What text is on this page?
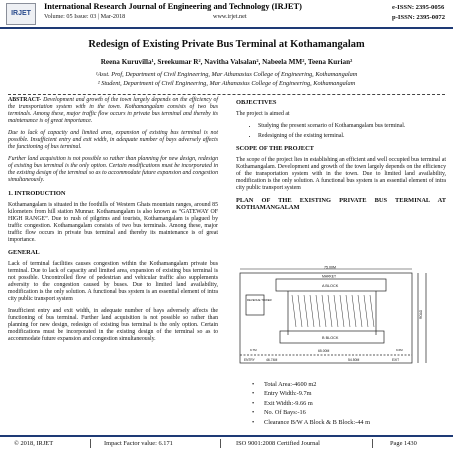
IRJET
International Research Journal of Engineering and Technology (IRJET)
Volume: 05 Issue: 03 | Mar-2018	www.irjet.net
e-ISSN: 2395-0056
p-ISSN: 2395-0072
Redesign of Existing Private Bus Terminal at Kothamangalam
Reena Kuruvilla¹, Sreekumar R², Navitha Valsalan², Nabeela MM², Teena Kurian²
¹Asst. Prof, Department of Civil Engineering, Mar Athanasius College of Engineering, Kothamangalam
² Student, Department of Civil Engineering, Mar Athanasius College of Engineering, Kothamangalam

ABSTRACT- Development and growth of the town largely depends on the efficiency of the transportation system with in the town. Kothamangalam consists of two bus terminals. Among these, major traffic flow occurs in private bus terminal and thereby its maintenance is of great importance.

Due to lack of capacity and limited area, expansion of existing bus terminal is not possible. Insufficient entry and exit width, in adequate number of bays adversely affects the functioning of bus terminal.

Further land acquisition is not possible so rather than planning for new design, redesign of existing bus terminal is the only option. Certain modifications must be incorporated in the existing design of the terminal so as to accommodate future expansion and congestion simultaneously.

1. INTRODUCTION

Kothamangalam is situated in the foothills of Western Ghats mountain ranges, around 85 kilometers from hill station Munnar. Kothamangalam is also known as “GATEWAY OF HIGH RANGE”. Due to rush of pilgrims and tourists, Kothamangalam is plagued by traffic congestion. Kothamangalam consists of two bus terminals. Among these, major traffic flow occurs in private bus terminal and thereby its maintenance is of great importance.

GENERAL

Lack of terminal facilities causes congestion within the Kothamangalam private bus terminal. Due to lack of capacity and limited area, expansion of existing bus terminal is not possible. Uncontrolled flow of pedestrian and vehicular traffic also supplements adversity to the congestion caused by buses. Due to limited land availability, modification is the only solution. A functional bus system is an essential element of intra city public transport system

Insufficient entry and exit width, in adequate number of bays adversely affects the functioning of bus terminal. Further land acquisition is not possible so rather than planning for new design, redesign of existing bus terminal is the only option. Certain modifications must be incorporated in the existing design of the terminal so as to accommodate future expansion and congestion simultaneously.

OBJECTIVES

The project is aimed at

• Studying the present scenario of Kothamangalam bus terminal.
• Redesigning of the existing terminal.
SCOPE OF THE PROJECT

The scope of the project lies in establishing an efficient and well occupied bus terminal at Kothamangalam. Development and growth of the town largely depends on the efficiency of the transportation system with in the town. Due to limited land availability, modification is the only solution. A functional bus system is an essential element of intra city public transport system

PLAN OF THE EXISTING PRIVATE BUS TERMINAL AT KOTHAMANGALAM
75.00M
MARKET
A BLOCK
B BLOCK
REVENUE TOWER
65.00M
46.74M	54.50M
ENTRY	EXIT
9.7M	9.6M
ROAD
• Total Area:-4600 m2
• Entry Width:-9.7m
• Exit Width:-9.66 m
• No. Of Bays:-16
• Clearance B/W A Block & B Block:-44 m
© 2018, IRJET	Impact Factor value: 6.171	ISO 9001:2008 Certified Journal	Page 1430
